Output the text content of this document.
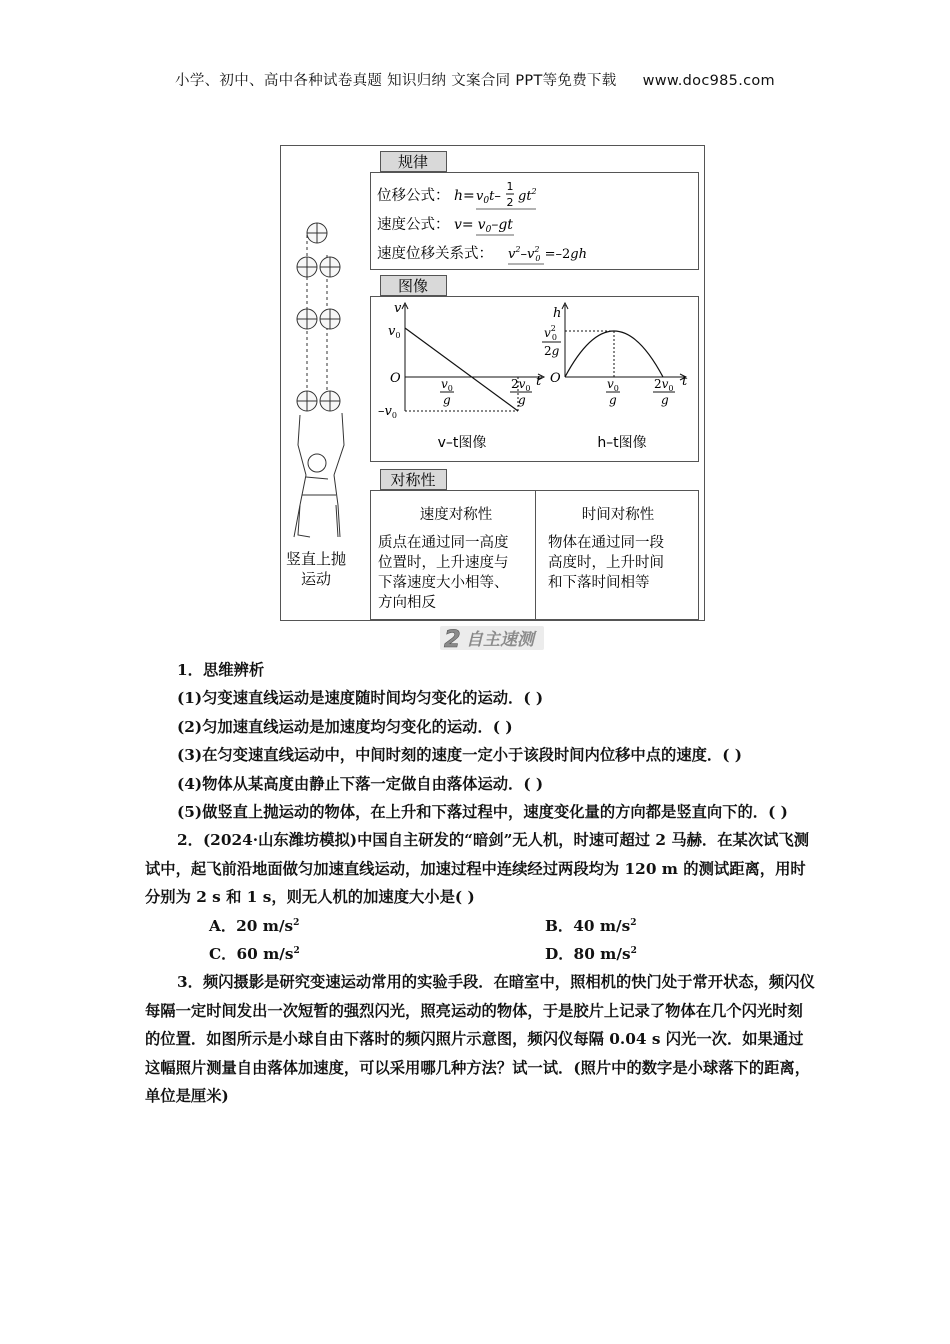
小学、初中、高中各种试卷真题 知识归纳 文案合同 PPT等免费下载 www.doc985.com
竖直上抛
运动
规律
位移公式： $h= v_0t-$
1
2 $gt^2$
速度公式： $v= v_0-gt$
速度位移关系式： $v^2-v^2$ 0 =–2gh
图像
v
$v_0$
O
$-v_0$
$v_0$
g
$2v_0$
g
t
v–t图像
h
$v^2$ 0
2g
O	$v_0$
g
$2v_0$
g
t
h–t图像
对称性
速度对称性
质点在通过同一高度
位置时，上升速度与
下落速度大小相等、
方向相反
时间对称性
物体在通过同一段
高度时，上升时间
和下落时间相等
2 自主速测

1．思维辨析

(1)匀变速直线运动是速度随时间均匀变化的运动．( )

(2)匀加速直线运动是加速度均匀变化的运动．( )

(3)在匀变速直线运动中，中间时刻的速度一定小于该段时间内位移中点的速度．( )

(4)物体从某高度由静止下落一定做自由落体运动．( )

(5)做竖直上抛运动的物体，在上升和下落过程中，速度变化量的方向都是竖直向下的．( )

2．(2024·山东潍坊模拟)中国自主研发的“暗剑”无人机，时速可超过 2 马赫．在某次试飞测试中，起飞前沿地面做匀加速直线运动，加速过程中连续经过两段均为 120 m 的测试距离，用时分别为 2 s 和 1 s，则无人机的加速度大小是( )

A．20 $m/s^2$	B．40 $m/s^2$
C．60 $m/s^2$	D．80 $m/s^2$

3．频闪摄影是研究变速运动常用的实验手段．在暗室中，照相机的快门处于常开状态，频闪仪每隔一定时间发出一次短暂的强烈闪光，照亮运动的物体，于是胶片上记录了物体在几个闪光时刻的位置．如图所示是小球自由下落时的频闪照片示意图，频闪仪每隔 0.04 s 闪光一次．如果通过这幅照片测量自由落体加速度，可以采用哪几种方法？试一试．(照片中的数字是小球落下的距离，单位是厘米)
